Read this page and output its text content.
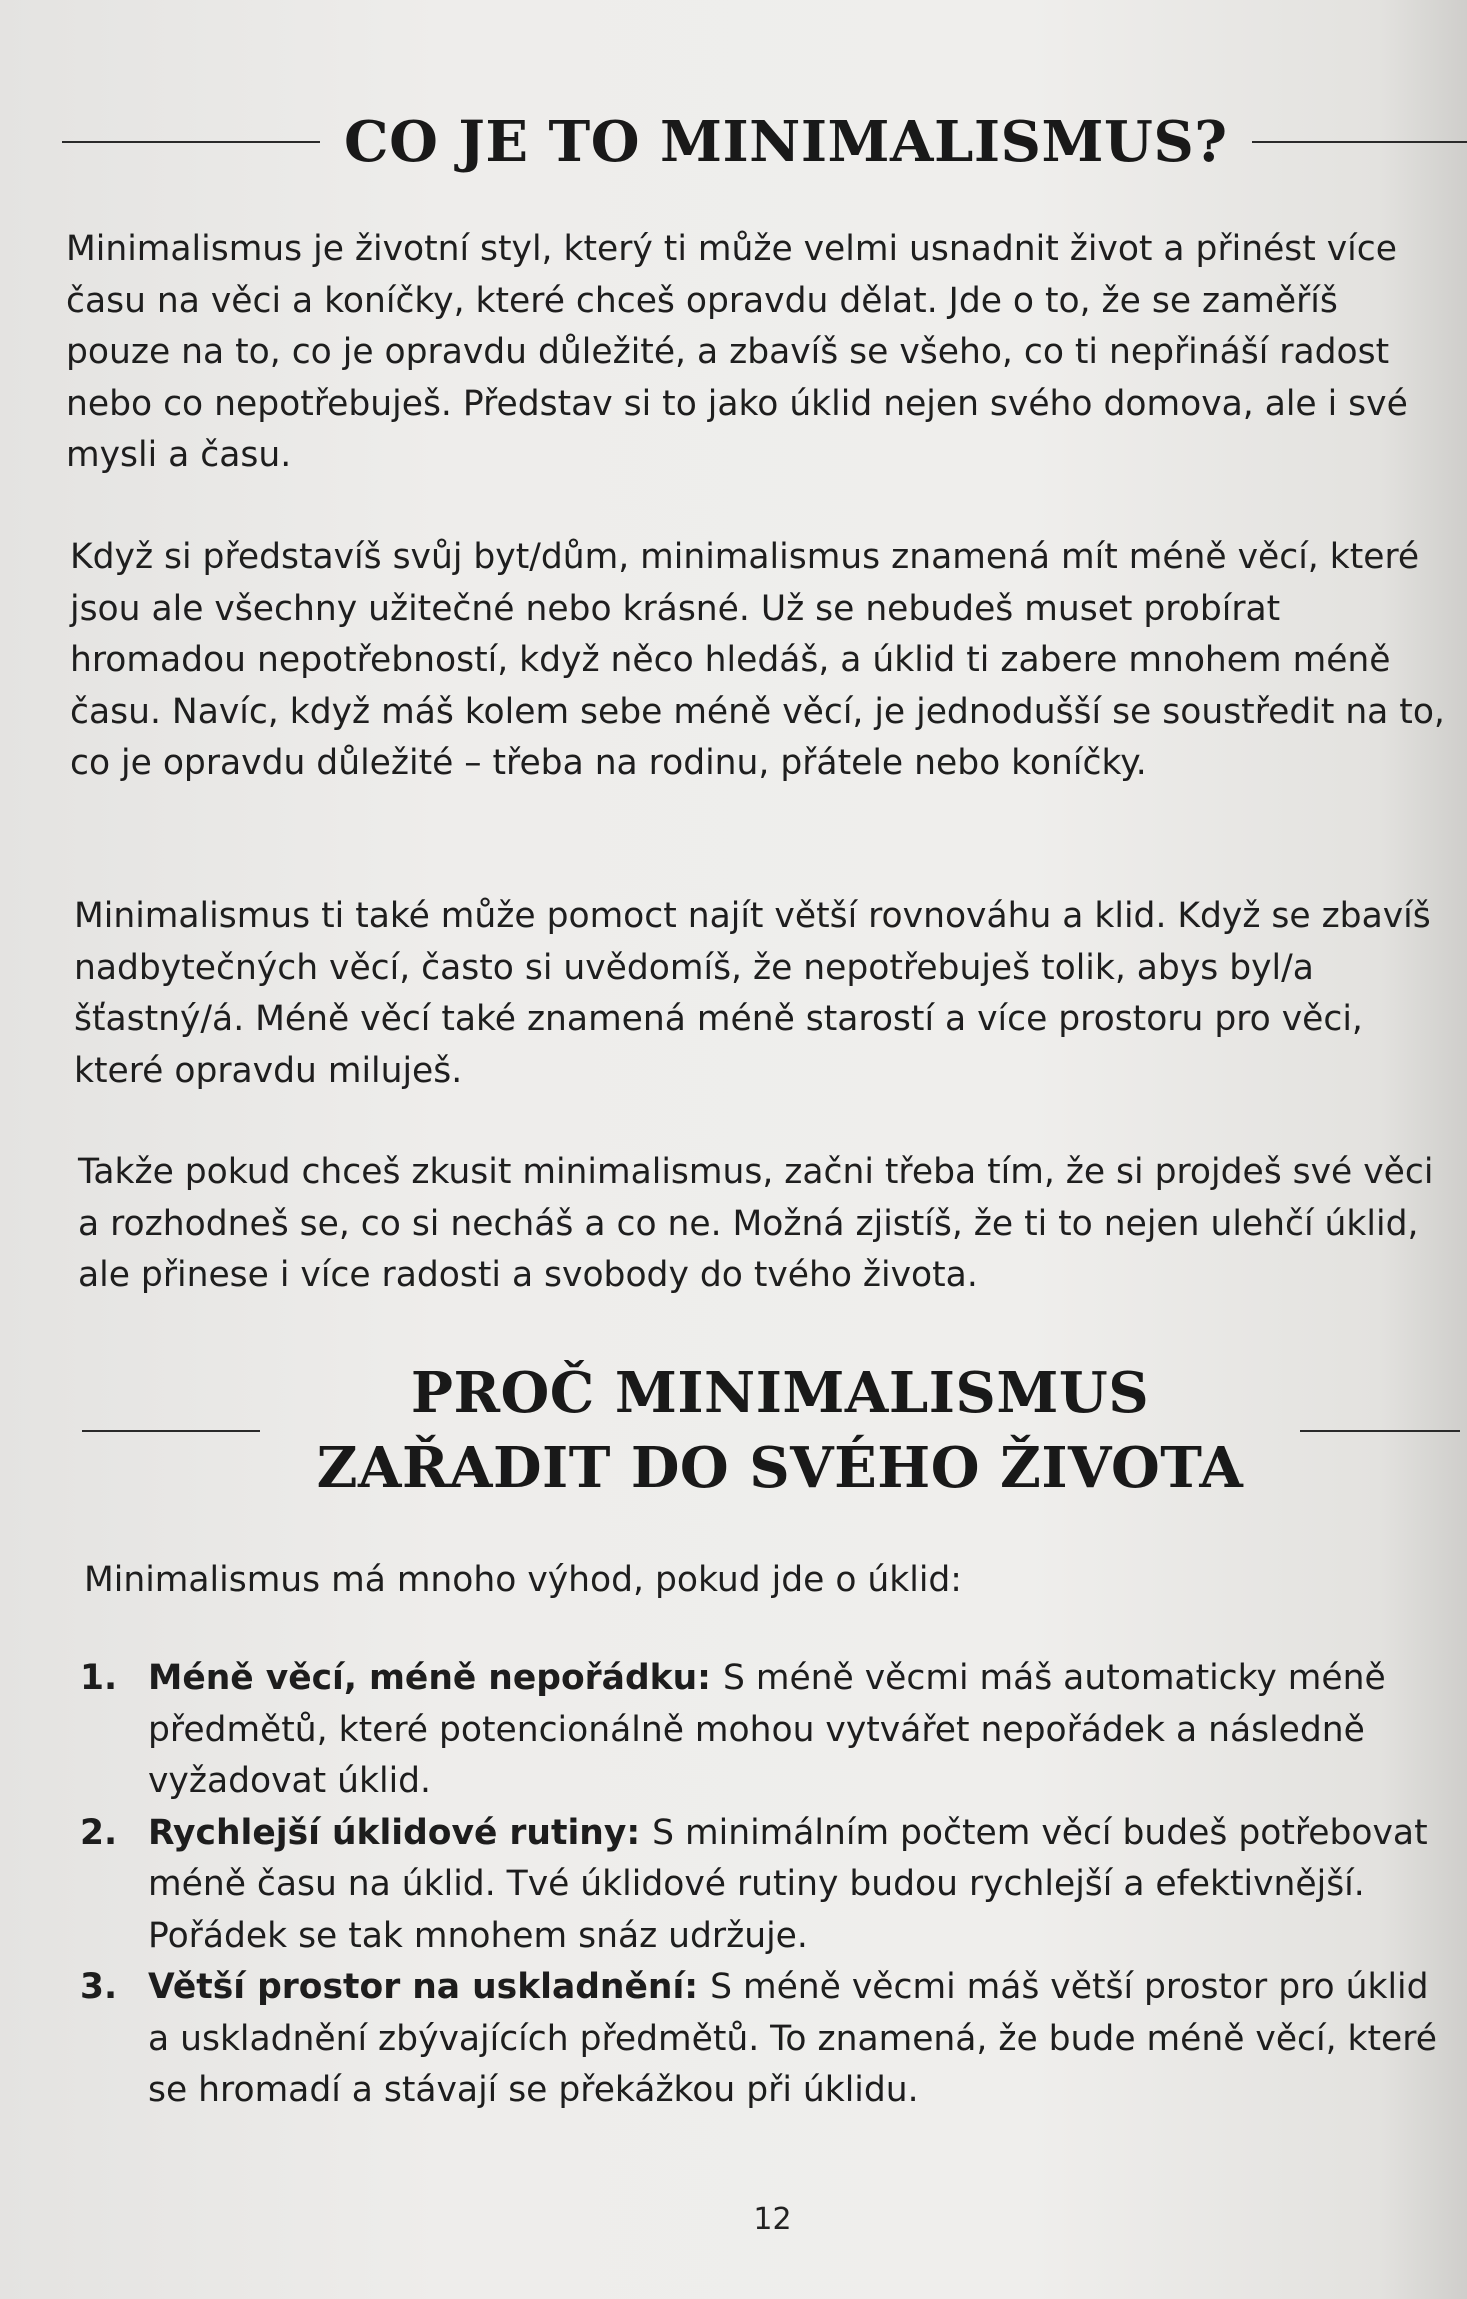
CO JE TO MINIMALISMUS?

Minimalismus je životní styl, který ti může velmi usnadnit život a přinést více času na věci a koníčky, které chceš opravdu dělat. Jde o to, že se zaměříš pouze na to, co je opravdu důležité, a zbavíš se všeho, co ti nepřináší radost nebo co nepotřebuješ. Představ si to jako úklid nejen svého domova, ale i své mysli a času.

Když si představíš svůj byt/dům, minimalismus znamená mít méně věcí, které jsou ale všechny užitečné nebo krásné. Už se nebudeš muset probírat hromadou nepotřebností, když něco hledáš, a úklid ti zabere mnohem méně času. Navíc, když máš kolem sebe méně věcí, je jednodušší se soustředit na to, co je opravdu důležité – třeba na rodinu, přátele nebo koníčky.

Minimalismus ti také může pomoct najít větší rovnováhu a klid. Když se zbavíš nadbytečných věcí, často si uvědomíš, že nepotřebuješ tolik, abys byl/a šťastný/á. Méně věcí také znamená méně starostí a více prostoru pro věci, které opravdu miluješ.

Takže pokud chceš zkusit minimalismus, začni třeba tím, že si projdeš své věci a rozhodneš se, co si necháš a co ne. Možná zjistíš, že ti to nejen ulehčí úklid, ale přinese i více radosti a svobody do tvého života.

PROČ MINIMALISMUS ZAŘADIT DO SVÉHO ŽIVOTA

Minimalismus má mnoho výhod, pokud jde o úklid:

1. Méně věcí, méně nepořádku: S méně věcmi máš automaticky méně předmětů, které potencionálně mohou vytvářet nepořádek a následně vyžadovat úklid.
2. Rychlejší úklidové rutiny: S minimálním počtem věcí budeš potřebovat méně času na úklid. Tvé úklidové rutiny budou rychlejší a efektivnější. Pořádek se tak mnohem snáz udržuje.
3. Větší prostor na uskladnění: S méně věcmi máš větší prostor pro úklid a uskladnění zbývajících předmětů. To znamená, že bude méně věcí, které se hromadí a stávají se překážkou při úklidu.
12
